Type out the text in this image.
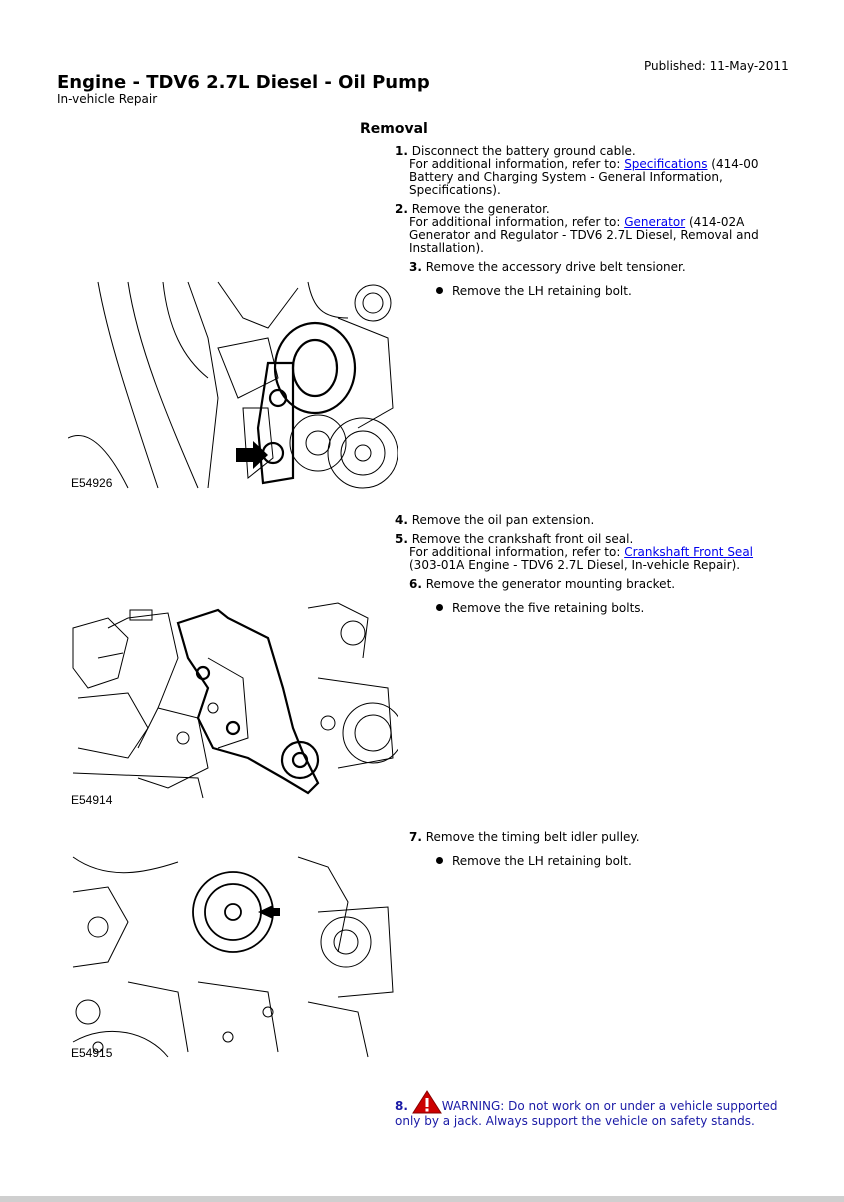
Published: 11-May-2011
Engine - TDV6 2.7L Diesel - Oil Pump
In-vehicle Repair
Removal
1. Disconnect the battery ground cable.
For additional information, refer to: Specifications (414-00
Battery and Charging System - General Information,
Specifications).
2. Remove the generator.
For additional information, refer to: Generator (414-02A
Generator and Regulator - TDV6 2.7L Diesel, Removal and
Installation).
3. Remove the accessory drive belt tensioner.
Remove the LH retaining bolt.
E54926
4. Remove the oil pan extension.
5. Remove the crankshaft front oil seal.
For additional information, refer to: Crankshaft Front Seal
(303-01A Engine - TDV6 2.7L Diesel, In-vehicle Repair).
6. Remove the generator mounting bracket.
Remove the five retaining bolts.
E54914
7. Remove the timing belt idler pulley.
Remove the LH retaining bolt.
E54915
8.	WARNING: Do not work on or under a vehicle supported
only by a jack. Always support the vehicle on safety stands.
